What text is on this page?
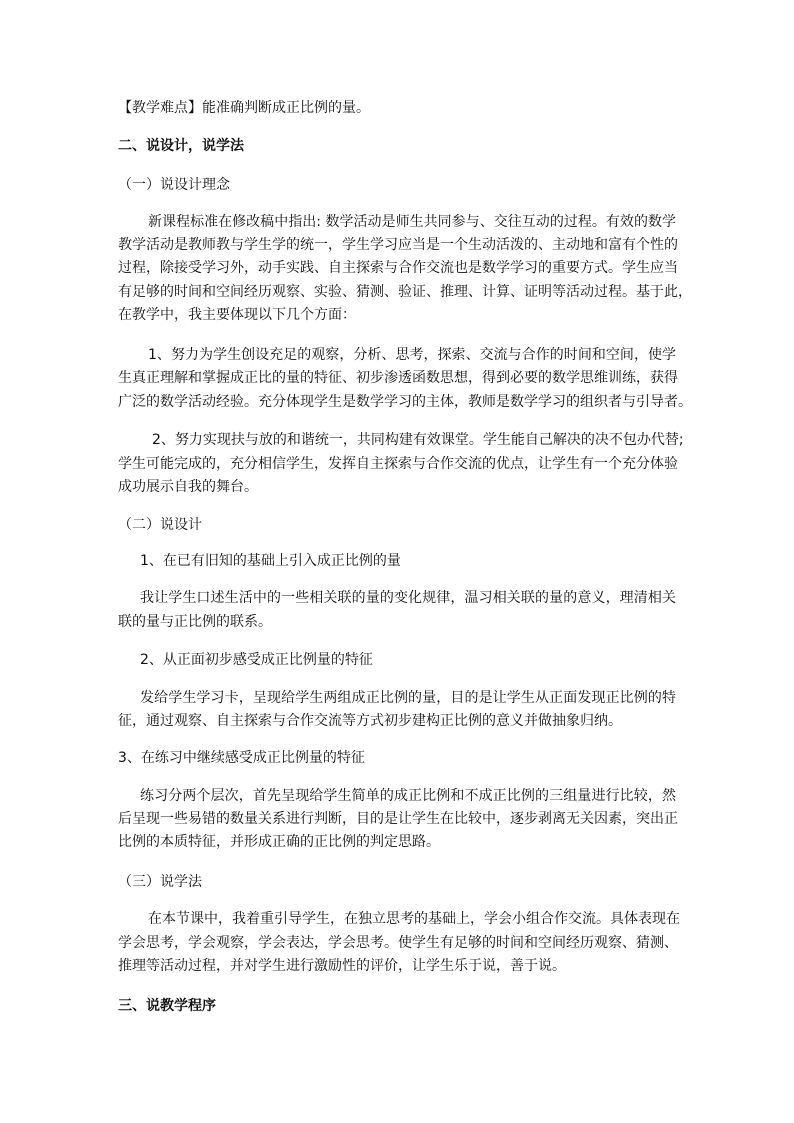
【教学难点】能准确判断成正比例的量。
二、说设计，说学法
（一）说设计理念
新课程标准在修改稿中指出: 数学活动是师生共同参与、交往互动的过程。有效的数学
教学活动是教师教与学生学的统一，学生学习应当是一个生动活泼的、主动地和富有个性的
过程，除接受学习外，动手实践、自主探索与合作交流也是数学学习的重要方式。学生应当
有足够的时间和空间经历观察、实验、猜测、验证、推理、计算、证明等活动过程。基于此，
在教学中，我主要体现以下几个方面：
1、努力为学生创设充足的观察，分析、思考，探索、交流与合作的时间和空间，使学
生真正理解和掌握成正比的量的特征、初步渗透函数思想，得到必要的数学思维训练，获得
广泛的数学活动经验。充分体现学生是数学学习的主体，教师是数学学习的组织者与引导者。
2、努力实现扶与放的和谐统一，共同构建有效课堂。学生能自己解决的决不包办代替;
学生可能完成的，充分相信学生，发挥自主探索与合作交流的优点，让学生有一个充分体验
成功展示自我的舞台。
（二）说设计
1、在已有旧知的基础上引入成正比例的量
我让学生口述生活中的一些相关联的量的变化规律，温习相关联的量的意义，理清相关
联的量与正比例的联系。
2、从正面初步感受成正比例量的特征
发给学生学习卡，呈现给学生两组成正比例的量，目的是让学生从正面发现正比例的特
征，通过观察、自主探索与合作交流等方式初步建构正比例的意义并做抽象归纳。
3、在练习中继续感受成正比例量的特征
练习分两个层次，首先呈现给学生简单的成正比例和不成正比例的三组量进行比较，然
后呈现一些易错的数量关系进行判断，目的是让学生在比较中，逐步剥离无关因素，突出正
比例的本质特征，并形成正确的正比例的判定思路。
（三）说学法
在本节课中，我着重引导学生，在独立思考的基础上，学会小组合作交流。具体表现在
学会思考，学会观察，学会表达，学会思考。使学生有足够的时间和空间经历观察、猜测、
推理等活动过程，并对学生进行激励性的评价，让学生乐于说，善于说。
三、说教学程序
